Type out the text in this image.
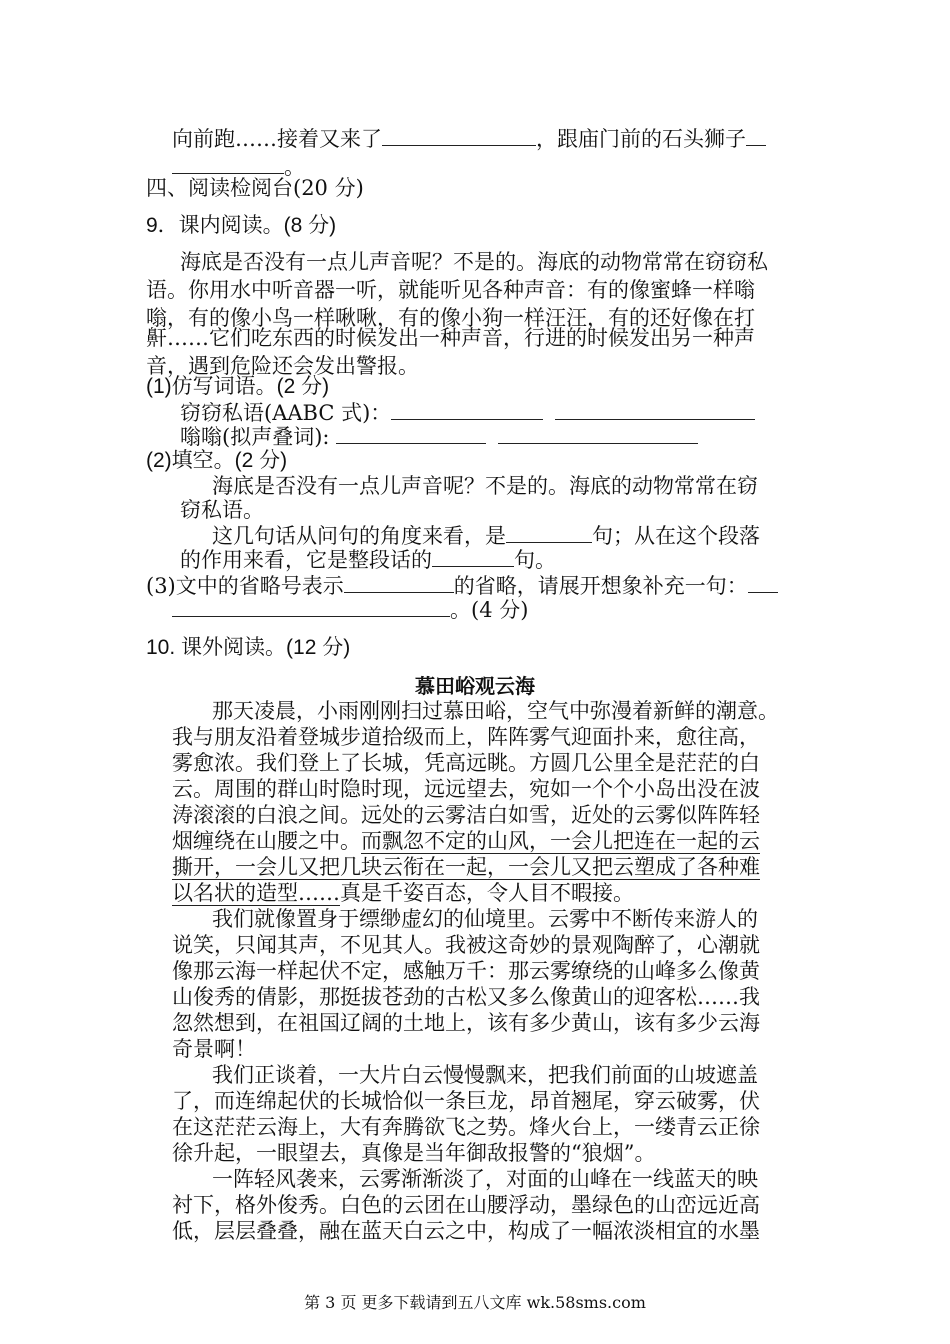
向前跑……接着又来了	，跟庙门前的石头狮子
。
四、阅读检阅台(20 分)
9．课内阅读。(8 分)
海底是否没有一点儿声音呢？不是的。海底的动物常常在窃窃私
语。你用水中听音器一听，就能听见各种声音：有的像蜜蜂一样嗡
嗡，有的像小鸟一样啾啾，有的像小狗一样汪汪，有的还好像在打
鼾……它们吃东西的时候发出一种声音，行进的时候发出另一种声
音，遇到危险还会发出警报。
(1)仿写词语。(2 分)
窃窃私语(AABC 式)：
嗡嗡(拟声叠词):
(2)填空。(2 分)
海底是否没有一点儿声音呢？不是的。海底的动物常常在窃
窃私语。
这几句话从问句的角度来看，是	句；从在这个段落
的作用来看，它是整段话的	句。
(3)文中的省略号表示	的省略，请展开想象补充一句：
。(4 分)
10. 课外阅读。(12 分)
慕田峪观云海
那天凌晨，小雨刚刚扫过慕田峪，空气中弥漫着新鲜的潮意。
我与朋友沿着登城步道拾级而上，阵阵雾气迎面扑来，愈往高，
雾愈浓。我们登上了长城，凭高远眺。方圆几公里全是茫茫的白
云。周围的群山时隐时现，远远望去，宛如一个个小岛出没在波
涛滚滚的白浪之间。远处的云雾洁白如雪，近处的云雾似阵阵轻
烟缠绕在山腰之中。而飘忽不定的山风，一会儿把连在一起的云
撕开，一会儿又把几块云衔在一起，一会儿又把云塑成了各种难
以名状的造型……真是千姿百态，令人目不暇接。
我们就像置身于缥缈虚幻的仙境里。云雾中不断传来游人的
说笑，只闻其声，不见其人。我被这奇妙的景观陶醉了，心潮就
像那云海一样起伏不定，感触万千：那云雾缭绕的山峰多么像黄
山俊秀的倩影，那挺拔苍劲的古松又多么像黄山的迎客松……我
忽然想到，在祖国辽阔的土地上，该有多少黄山，该有多少云海
奇景啊！
我们正谈着，一大片白云慢慢飘来，把我们前面的山坡遮盖
了，而连绵起伏的长城恰似一条巨龙，昂首翘尾，穿云破雾，伏
在这茫茫云海上，大有奔腾欲飞之势。烽火台上，一缕青云正徐
徐升起，一眼望去，真像是当年御敌报警的“狼烟”。
一阵轻风袭来，云雾渐渐淡了，对面的山峰在一线蓝天的映
衬下，格外俊秀。白色的云团在山腰浮动，墨绿色的山峦远近高
低，层层叠叠，融在蓝天白云之中，构成了一幅浓淡相宜的水墨
第 3 页 更多下载请到五八文库 wk.58sms.com
